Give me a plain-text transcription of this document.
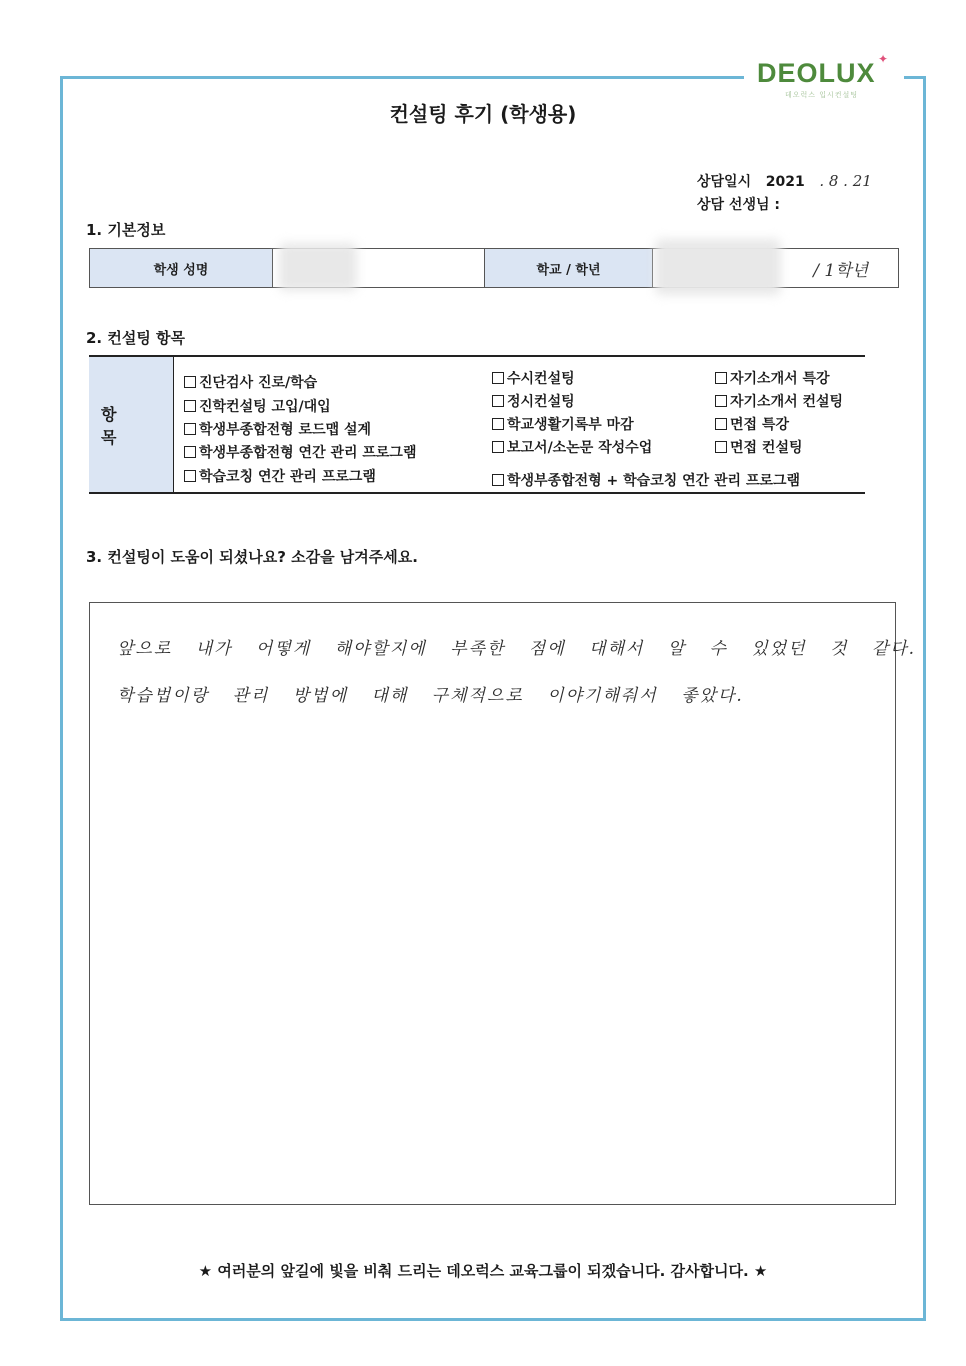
DEOLUX ✦
데오럭스 입시컨설팅
컨설팅 후기 (학생용)
상담일시 2021 . 8 . 21
상담 선생님 :
1. 기본정보
학생 성명	학교 / 학년	/ 1학년
2. 컨설팅 항목
항 목
진단검사 진로/학습
진학컨설팅 고입/대입
학생부종합전형 로드맵 설계
학생부종합전형 연간 관리 프로그램
학습코칭 연간 관리 프로그램
수시컨설팅
정시컨설팅
학교생활기록부 마감
보고서/소논문 작성수업
학생부종합전형 + 학습코칭 연간 관리 프로그램
자기소개서 특강
자기소개서 컨설팅
면접 특강
면접 컨설팅
3. 컨설팅이 도움이 되셨나요? 소감을 남겨주세요.
앞으로 내가 어떻게 해야할지에 부족한 점에 대해서 알 수 있었던 것 같다.
학습법이랑 관리 방법에 대해 구체적으로 이야기해줘서 좋았다.
★ 여러분의 앞길에 빛을 비춰 드리는 데오럭스 교육그룹이 되겠습니다. 감사합니다. ★
